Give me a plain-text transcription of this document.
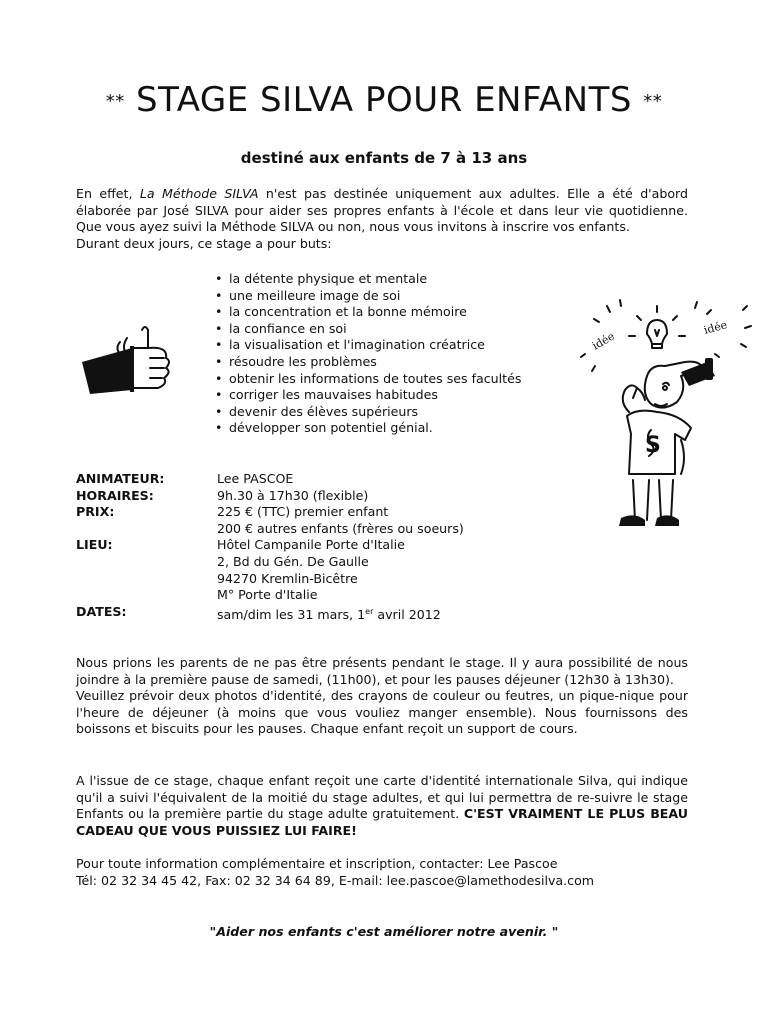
** STAGE SILVA POUR ENFANTS **
destiné aux enfants de 7 à 13 ans
En effet, La Méthode SILVA n'est pas destinée uniquement aux adultes. Elle a été d'abord élaborée par José SILVA pour aider ses propres enfants à l'école et dans leur vie quotidienne. Que vous ayez suivi la Méthode SILVA ou non, nous vous invitons à inscrire vos enfants.
Durant deux jours, ce stage a pour buts:
• la détente physique et mentale
• une meilleure image de soi
• la concentration et la bonne mémoire
• la confiance en soi
• la visualisation et l'imagination créatrice
• résoudre les problèmes
• obtenir les informations de toutes ses facultés
• corriger les mauvaises habitudes
• devenir des élèves supérieurs
• développer son potentiel génial.
S
idée
idée
ANIMATEUR:	Lee PASCOE
HORAIRES:	9h.30 à 17h30 (flexible)
PRIX:	225 € (TTC) premier enfant
200 € autres enfants (frères ou soeurs)
LIEU:	Hôtel Campanile Porte d'Italie
2, Bd du Gén. De Gaulle
94270 Kremlin-Bicêtre
M° Porte d'Italie
DATES:	sam/dim les 31 mars, 1er avril 2012
Nous prions les parents de ne pas être présents pendant le stage. Il y aura possibilité de nous joindre à la première pause de samedi, (11h00), et pour les pauses déjeuner (12h30 à 13h30).
Veuillez prévoir deux photos d'identité, des crayons de couleur ou feutres, un pique-nique pour l'heure de déjeuner (à moins que vous vouliez manger ensemble). Nous fournissons des boissons et biscuits pour les pauses. Chaque enfant reçoit un support de cours.
A l'issue de ce stage, chaque enfant reçoit une carte d'identité internationale Silva, qui indique qu'il a suivi l'équivalent de la moitié du stage adultes, et qui lui permettra de re-suivre le stage Enfants ou la première partie du stage adulte gratuitement. C'EST VRAIMENT LE PLUS BEAU CADEAU QUE VOUS PUISSIEZ LUI FAIRE!
Pour toute information complémentaire et inscription, contacter: Lee Pascoe
Tél: 02 32 34 45 42, Fax: 02 32 34 64 89, E-mail: lee.pascoe@lamethodesilva.com
"Aider nos enfants c'est améliorer notre avenir. "
